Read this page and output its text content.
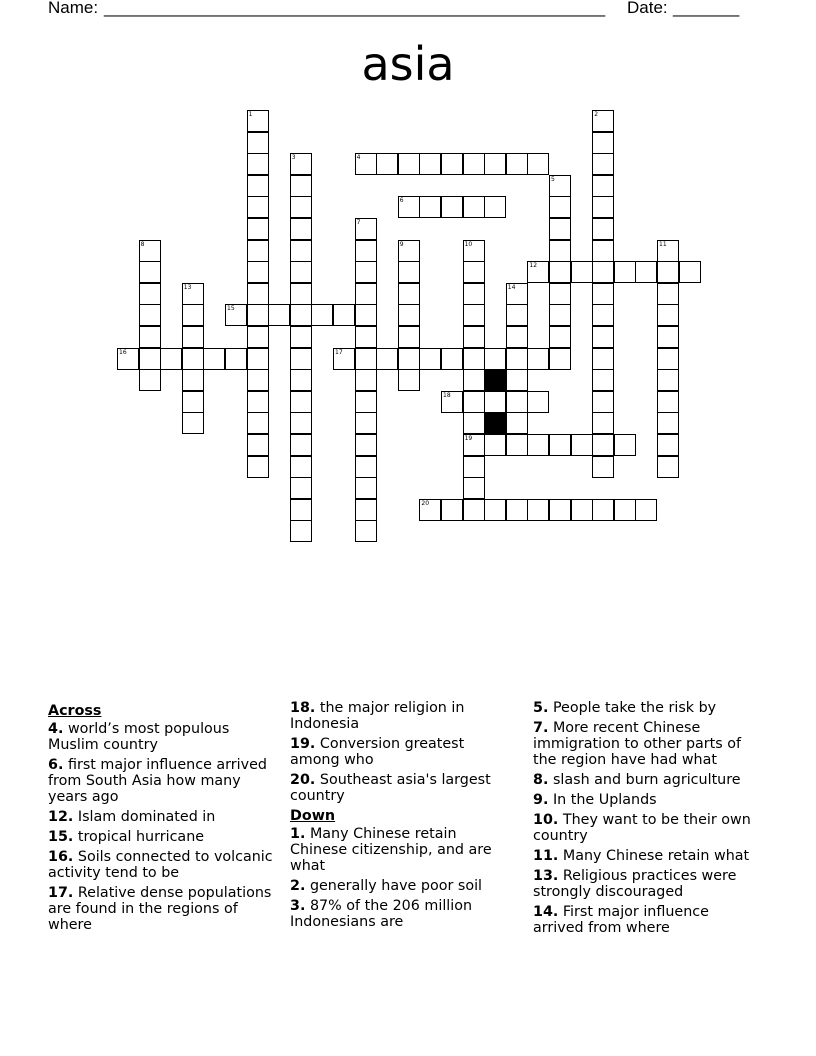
Name: _____________________________________________________ Date: _______
asia
4
6
12
15
16	17
18
19
20
1	2
3
5
7
8	9	10	11
13	14
Across
4. world’s most populous Muslim country
6. first major influence arrived from South Asia how many years ago
12. Islam dominated in
15. tropical hurricane
16. Soils connected to volcanic activity tend to be
17. Relative dense populations are found in the regions of where
18. the major religion in Indonesia
19. Conversion greatest among who
20. Southeast asia's largest country
Down
1. Many Chinese retain Chinese citizenship, and are what
2. generally have poor soil
3. 87% of the 206 million Indonesians are
5. People take the risk by
7. More recent Chinese immigration to other parts of the region have had what
8. slash and burn agriculture
9. In the Uplands
10. They want to be their own country
11. Many Chinese retain what
13. Religious practices were strongly discouraged
14. First major influence arrived from where
